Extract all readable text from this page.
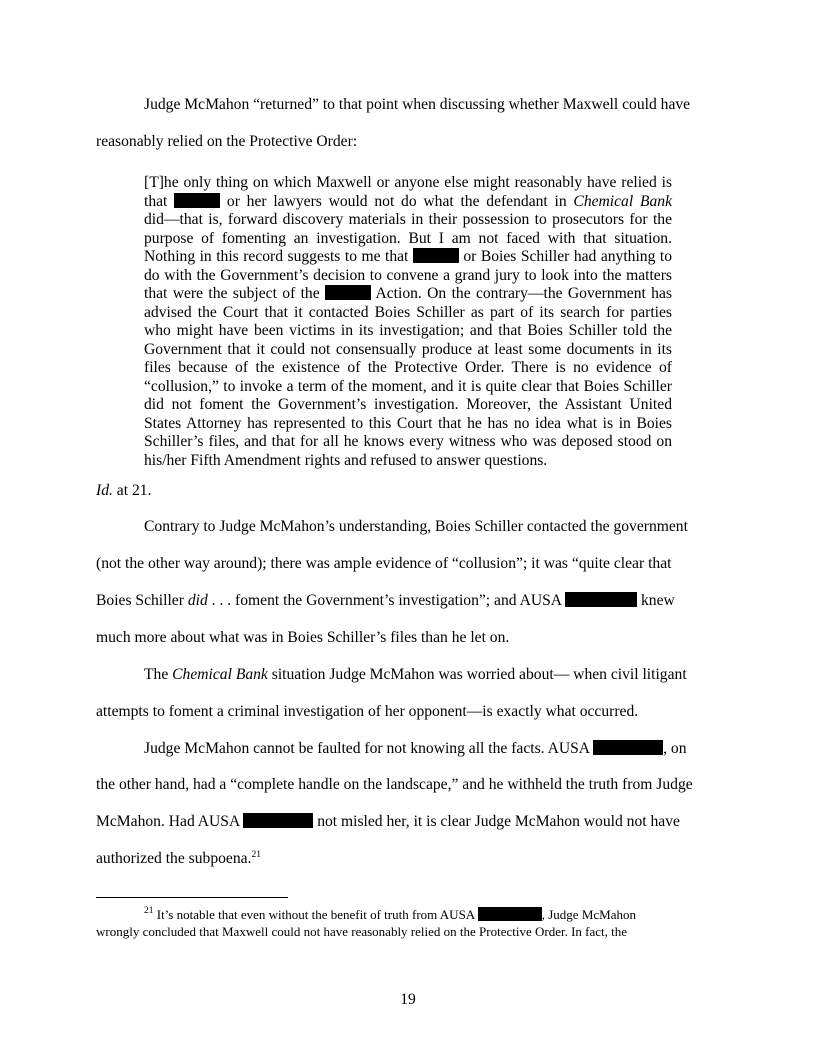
Judge McMahon “returned” to that point when discussing whether Maxwell could have
reasonably relied on the Protective Order:
[T]he only thing on which Maxwell or anyone else might reasonably have relied is
that	or her lawyers would not do what the defendant in Chemical Bank
did—that is, forward discovery materials in their possession to prosecutors for the
purpose of fomenting an investigation. But I am not faced with that situation.
Nothing in this record suggests to me that	or Boies Schiller had anything to
do with the Government’s decision to convene a grand jury to look into the matters
that were the subject of the	Action. On the contrary—the Government has
advised the Court that it contacted Boies Schiller as part of its search for parties
who might have been victims in its investigation; and that Boies Schiller told the
Government that it could not consensually produce at least some documents in its
files because of the existence of the Protective Order. There is no evidence of
“collusion,” to invoke a term of the moment, and it is quite clear that Boies Schiller
did not foment the Government’s investigation. Moreover, the Assistant United
States Attorney has represented to this Court that he has no idea what is in Boies
Schiller’s files, and that for all he knows every witness who was deposed stood on
his/her Fifth Amendment rights and refused to answer questions.
Id. at 21.
Contrary to Judge McMahon’s understanding, Boies Schiller contacted the government
(not the other way around); there was ample evidence of “collusion”; it was “quite clear that
Boies Schiller did . . . foment the Government’s investigation”; and AUSA	knew
much more about what was in Boies Schiller’s files than he let on.
The Chemical Bank situation Judge McMahon was worried about— when civil litigant
attempts to foment a criminal investigation of her opponent—is exactly what occurred.
Judge McMahon cannot be faulted for not knowing all the facts. AUSA	, on
the other hand, had a “complete handle on the landscape,” and he withheld the truth from Judge
McMahon. Had AUSA	not misled her, it is clear Judge McMahon would not have
authorized the subpoena.$^{21}$
$^{21}$ It’s notable that even without the benefit of truth from AUSA	, Judge McMahon
wrongly concluded that Maxwell could not have reasonably relied on the Protective Order. In fact, the
19
